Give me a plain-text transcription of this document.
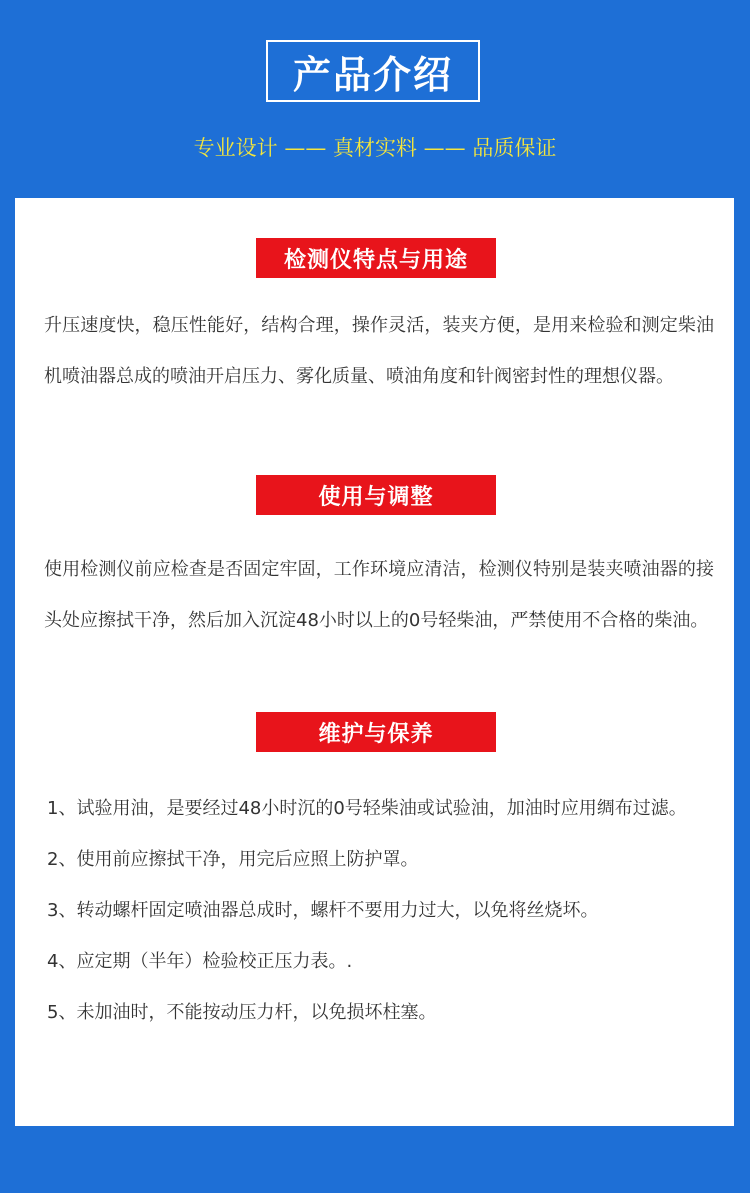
产品介绍
专业设计 —— 真材实料 —— 品质保证
检测仪特点与用途
升压速度快，稳压性能好，结构合理，操作灵活，装夹方便，是用来检验和测定柴油机喷油器总成的喷油开启压力、雾化质量、喷油角度和针阀密封性的理想仪器。
使用与调整
使用检测仪前应检查是否固定牢固，工作环境应清洁，检测仪特别是装夹喷油器的接头处应擦拭干净，然后加入沉淀48小时以上的0号轻柴油，严禁使用不合格的柴油。
维护与保养

1、试验用油，是要经过48小时沉的0号轻柴油或试验油，加油时应用绸布过滤。

2、使用前应擦拭干净，用完后应照上防护罩。

3、转动螺杆固定喷油器总成时，螺杆不要用力过大，以免将丝烧坏。

4、应定期（半年）检验校正压力表。.

5、未加油时，不能按动压力杆，以免损坏柱塞。
